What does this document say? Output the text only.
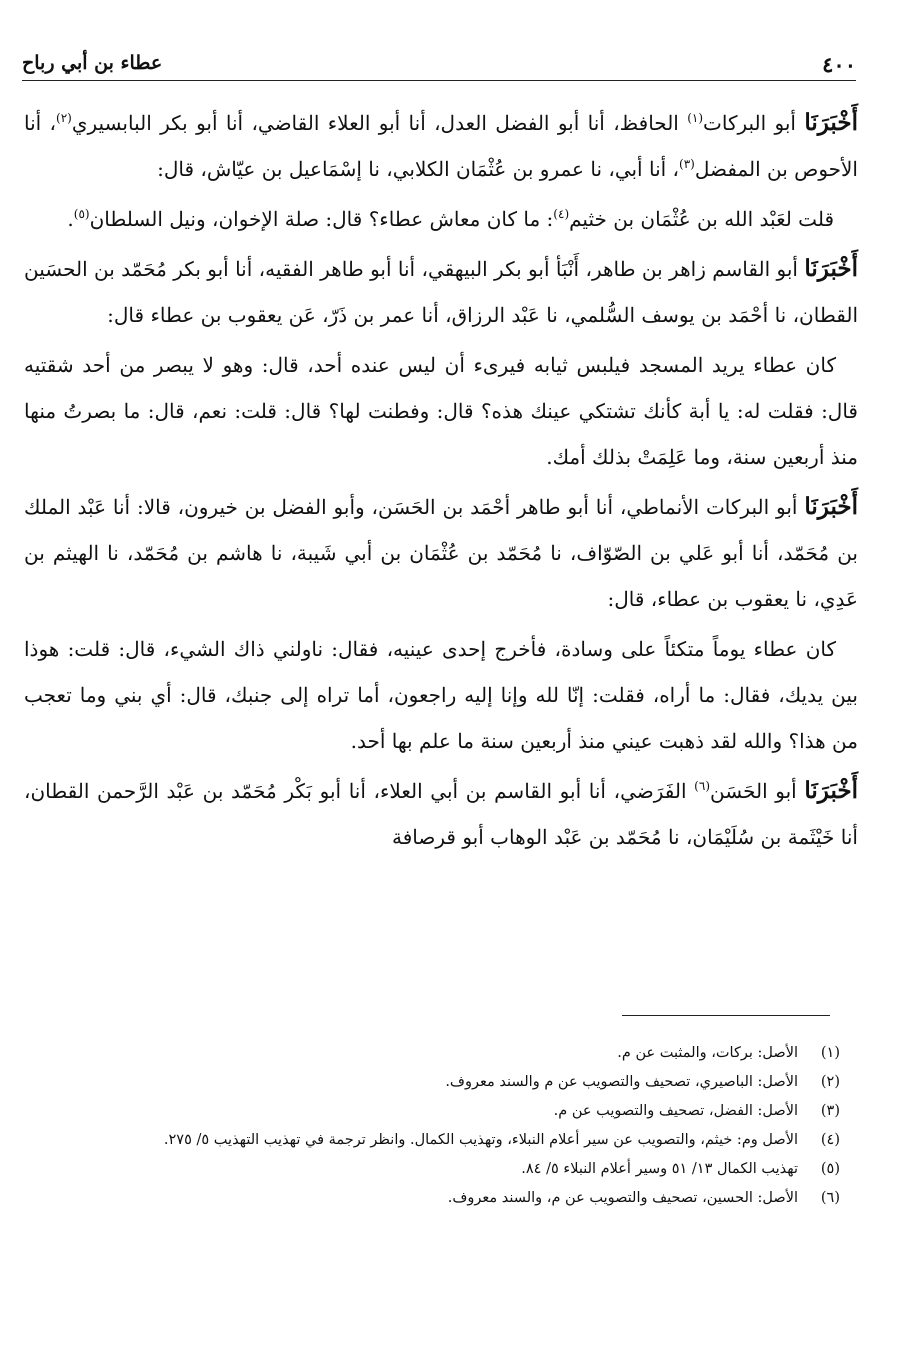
٤٠٠
عطاء بن أبي رباح

أَخْبَرَنَا أبو البركات$^{(١)}$ الحافظ، أنا أبو الفضل العدل، أنا أبو العلاء القاضي، أنا أبو بكر البابسيري$^{(٢)}$، أنا الأحوص بن المفضل$^{(٣)}$، أنا أبي، نا عمرو بن عُثْمَان الكلابي، نا إسْمَاعيل بن عيّاش، قال:

قلت لعَبْد الله بن عُثْمَان بن خثيم$^{(٤)}$: ما كان معاش عطاء؟ قال: صلة الإخوان، ونيل السلطان$^{(٥)}$.

أَخْبَرَنَا أبو القاسم زاهر بن طاهر، أَنْبَأ أبو بكر البيهقي، أنا أبو طاهر الفقيه، أنا أبو بكر مُحَمّد بن الحسَين القطان، نا أحْمَد بن يوسف السُّلمي، نا عَبْد الرزاق، أنا عمر بن ذَرّ، عَن يعقوب بن عطاء قال:

كان عطاء يريد المسجد فيلبس ثيابه فيرىء أن ليس عنده أحد، قال: وهو لا يبصر من أحد شقتيه قال: فقلت له: يا أبة كأنك تشتكي عينك هذه؟ قال: وفطنت لها؟ قال: قلت: نعم، قال: ما بصرتُ منها منذ أربعين سنة، وما عَلِمَتْ بذلك أمك.

أَخْبَرَنَا أبو البركات الأنماطي، أنا أبو طاهر أحْمَد بن الحَسَن، وأبو الفضل بن خيرون، قالا: أنا عَبْد الملك بن مُحَمّد، أنا أبو عَلي بن الصّوّاف، نا مُحَمّد بن عُثْمَان بن أبي شَيبة، نا هاشم بن مُحَمّد، نا الهيثم بن عَدِي، نا يعقوب بن عطاء، قال:

كان عطاء يوماً متكئاً على وسادة، فأخرج إحدى عينيه، فقال: ناولني ذاك الشيء، قال: قلت: هوذا بين يديك، فقال: ما أراه، فقلت: إنّا لله وإنا إليه راجعون، أما تراه إلى جنبك، قال: أي بني وما تعجب من هذا؟ والله لقد ذهبت عيني منذ أربعين سنة ما علم بها أحد.

أَخْبَرَنَا أبو الحَسَن$^{(٦)}$ الفَرَضي، أنا أبو القاسم بن أبي العلاء، أنا أبو بَكْر مُحَمّد بن عَبْد الرَّحمن القطان، أنا خَيْثَمة بن سُلَيْمَان، نا مُحَمّد بن عَبْد الوهاب أبو قرصافة

(١)
الأصل: بركات، والمثبت عن م.
(٢)
الأصل: الباصيري، تصحيف والتصويب عن م والسند معروف.
(٣)
الأصل: الفضل، تصحيف والتصويب عن م.
(٤)
الأصل وم: خيثم، والتصويب عن سير أعلام النبلاء، وتهذيب الكمال. وانظر ترجمة في تهذيب التهذيب ٥/ ٢٧٥.
(٥)
تهذيب الكمال ١٣/ ٥١ وسير أعلام النبلاء ٥/ ٨٤.
(٦)
الأصل: الحسين، تصحيف والتصويب عن م، والسند معروف.
